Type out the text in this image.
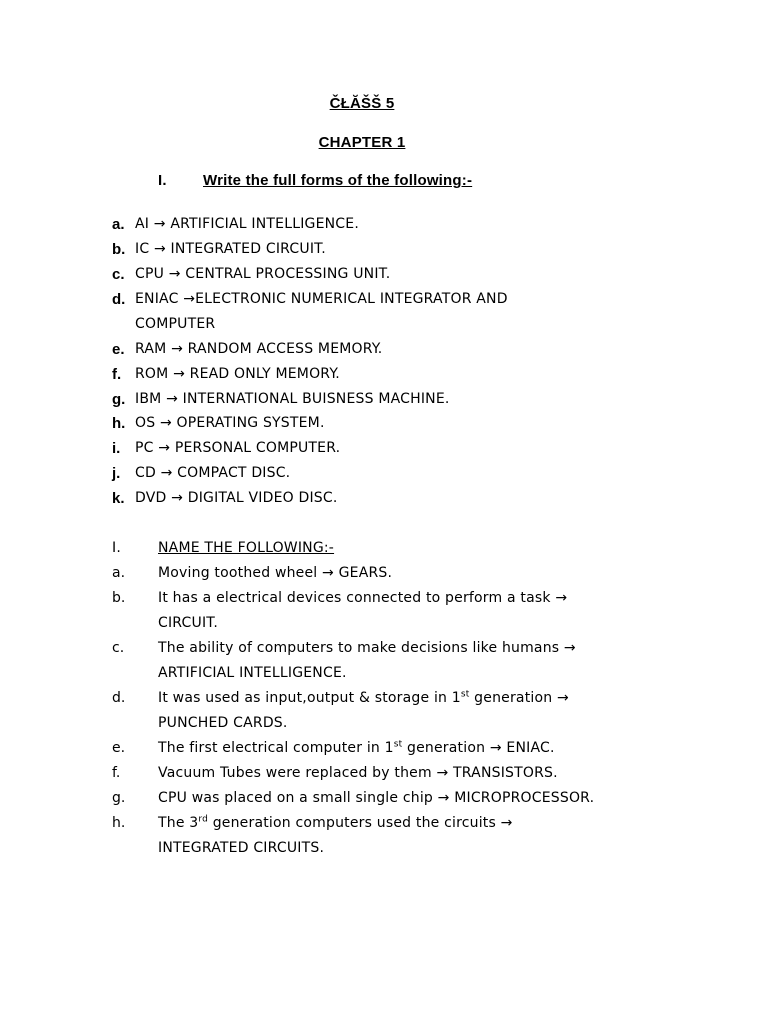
ČŁĂŠŠ 5
CHAPTER 1
I. Write the full forms of the following:-
a. AI → ARTIFICIAL INTELLIGENCE.
b. IC → INTEGRATED CIRCUIT.
c. CPU → CENTRAL PROCESSING UNIT.
d. ENIAC →ELECTRONIC NUMERICAL INTEGRATOR AND
COMPUTER
e. RAM → RANDOM ACCESS MEMORY.
f. ROM → READ ONLY MEMORY.
g. IBM → INTERNATIONAL BUISNESS MACHINE.
h. OS → OPERATING SYSTEM.
i. PC → PERSONAL COMPUTER.
j. CD → COMPACT DISC.
k. DVD → DIGITAL VIDEO DISC.
I.	NAME THE FOLLOWING:-
a. Moving toothed wheel → GEARS.
b. It has a electrical devices connected to perform a task →
CIRCUIT.
c. The ability of computers to make decisions like humans →
ARTIFICIAL INTELLIGENCE.
d. It was used as input,output & storage in 1st generation →
PUNCHED CARDS.
e. The first electrical computer in 1st generation → ENIAC.
f.	Vacuum Tubes were replaced by them → TRANSISTORS.
g. CPU was placed on a small single chip → MICROPROCESSOR.
h. The 3rd generation computers used the circuits →
INTEGRATED CIRCUITS.
